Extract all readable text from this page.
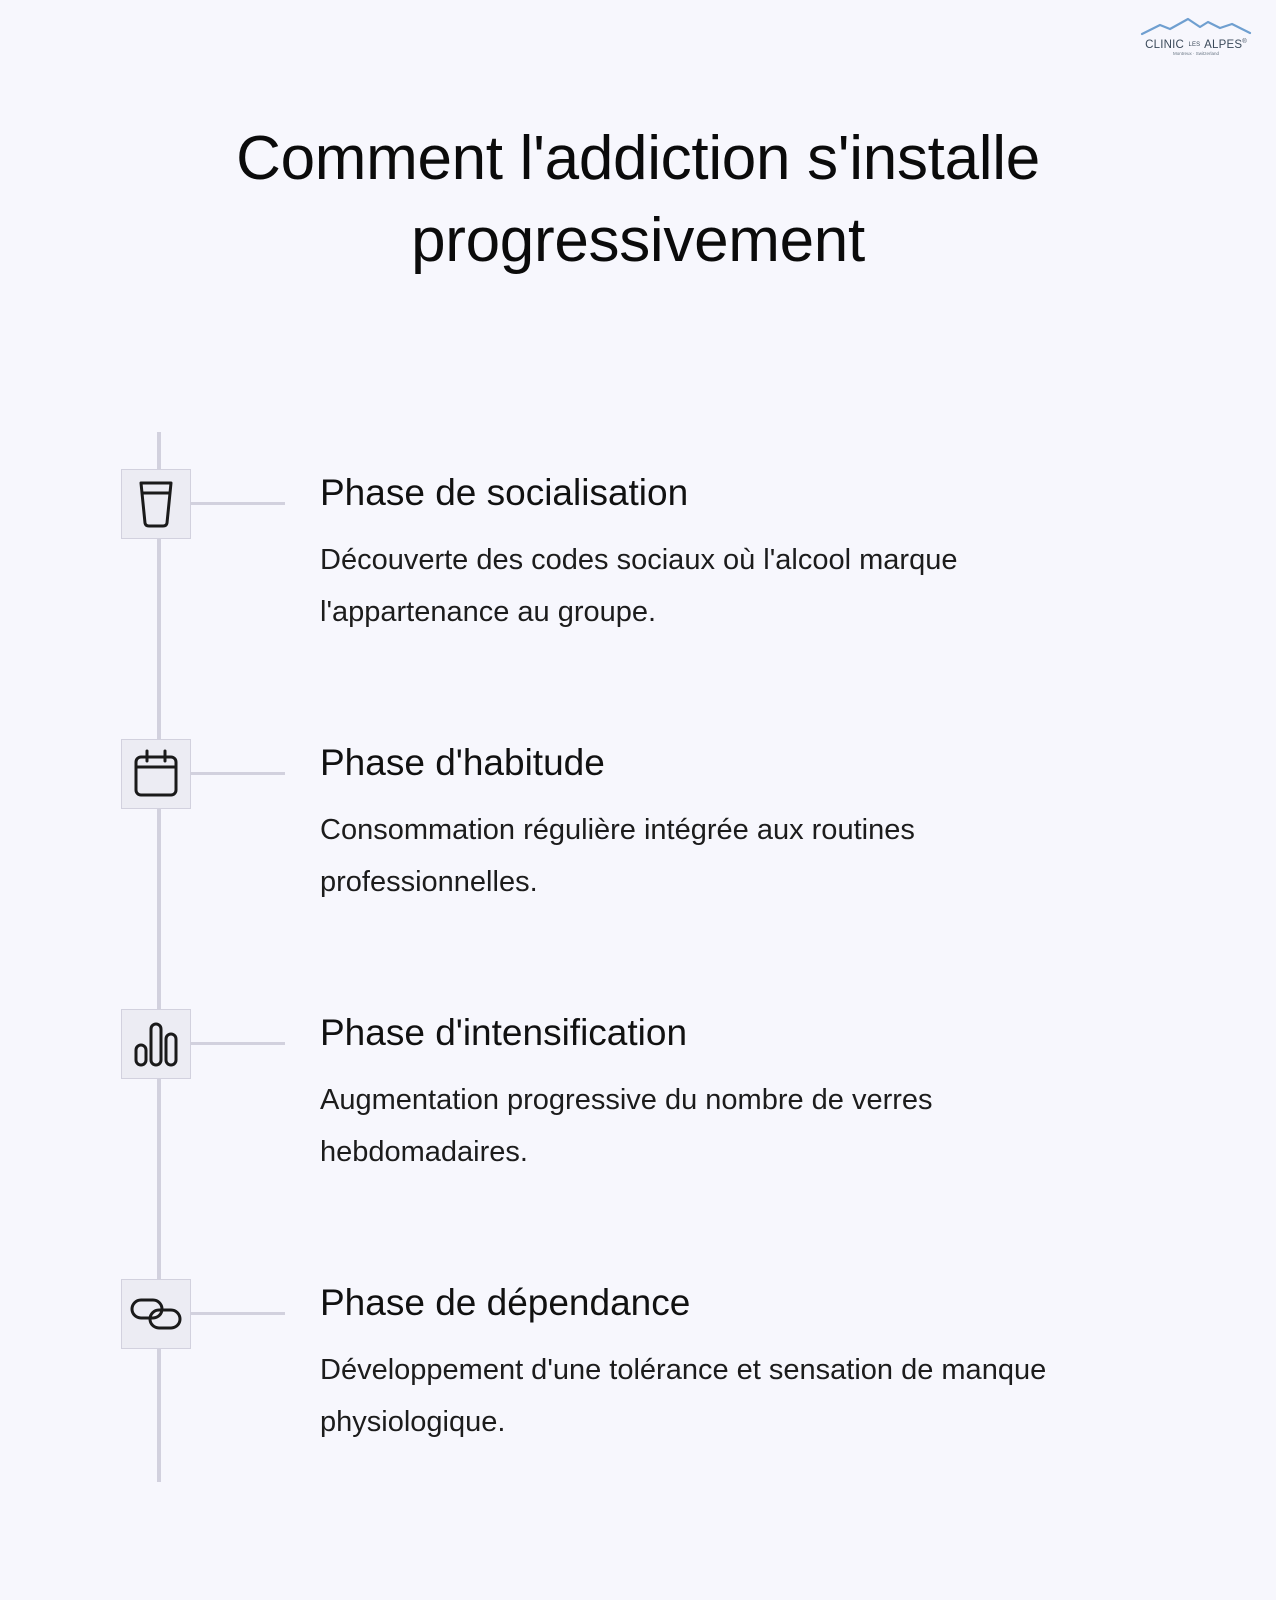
CLINIC LES ALPES®
Montreux · Switzerland
Comment l'addiction s'installe
progressivement
Phase de socialisation

Découverte des codes sociaux où l'alcool marque l'appartenance au groupe.

Phase d'habitude

Consommation régulière intégrée aux routines professionnelles.

Phase d'intensification

Augmentation progressive du nombre de verres hebdomadaires.

Phase de dépendance

Développement d'une tolérance et sensation de manque physiologique.
